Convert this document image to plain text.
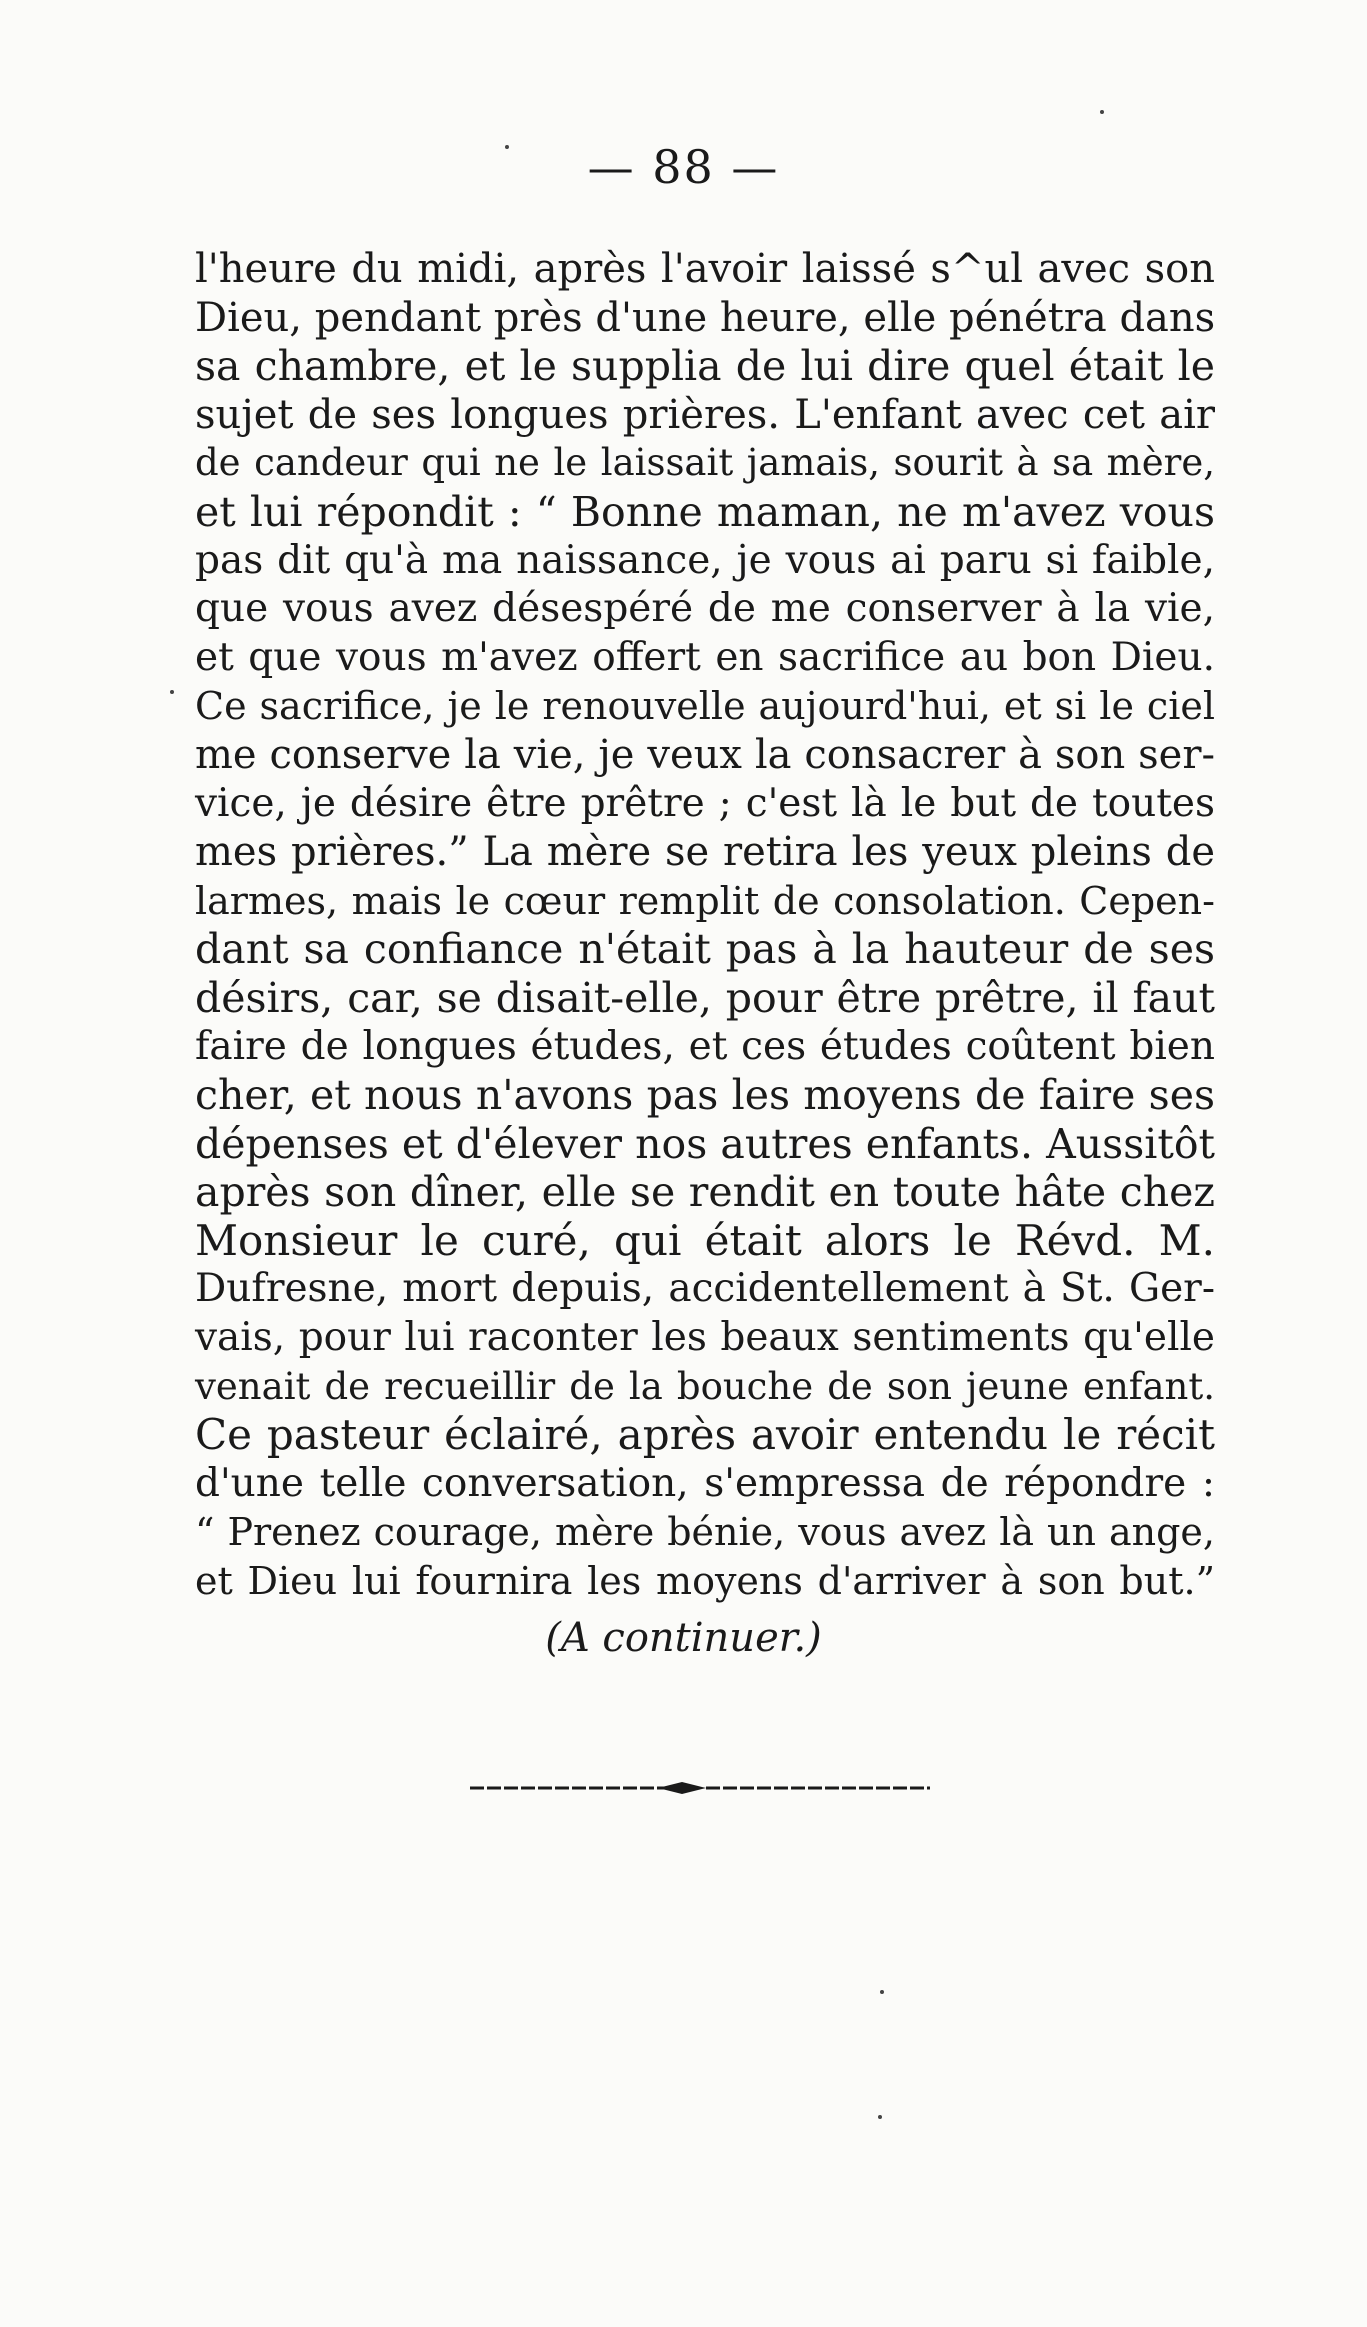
— 88 —
l'heure du midi, après l'avoir laissé s^ul avec son
Dieu, pendant près d'une heure, elle pénétra dans
sa chambre, et le supplia de lui dire quel était le
sujet de ses longues prières. L'enfant avec cet air
de candeur qui ne le laissait jamais, sourit à sa mère,
et lui répondit : “ Bonne maman, ne m'avez vous
pas dit qu'à ma naissance, je vous ai paru si faible,
que vous avez désespéré de me conserver à la vie,
et que vous m'avez offert en sacrifice au bon Dieu.
Ce sacrifice, je le renouvelle aujourd'hui, et si le ciel
me conserve la vie, je veux la consacrer à son ser-
vice, je désire être prêtre ; c'est là le but de toutes
mes prières.” La mère se retira les yeux pleins de
larmes, mais le cœur remplit de consolation. Cepen-
dant sa confiance n'était pas à la hauteur de ses
désirs, car, se disait-elle, pour être prêtre, il faut
faire de longues études, et ces études coûtent bien
cher, et nous n'avons pas les moyens de faire ses
dépenses et d'élever nos autres enfants. Aussitôt
après son dîner, elle se rendit en toute hâte chez
Monsieur le curé, qui était alors le Révd. M.
Dufresne, mort depuis, accidentellement à St. Ger-
vais, pour lui raconter les beaux sentiments qu'elle
venait de recueillir de la bouche de son jeune enfant.
Ce pasteur éclairé, après avoir entendu le récit
d'une telle conversation, s'empressa de répondre :
“ Prenez courage, mère bénie, vous avez là un ange,
et Dieu lui fournira les moyens d'arriver à son but.”
(A continuer.)
